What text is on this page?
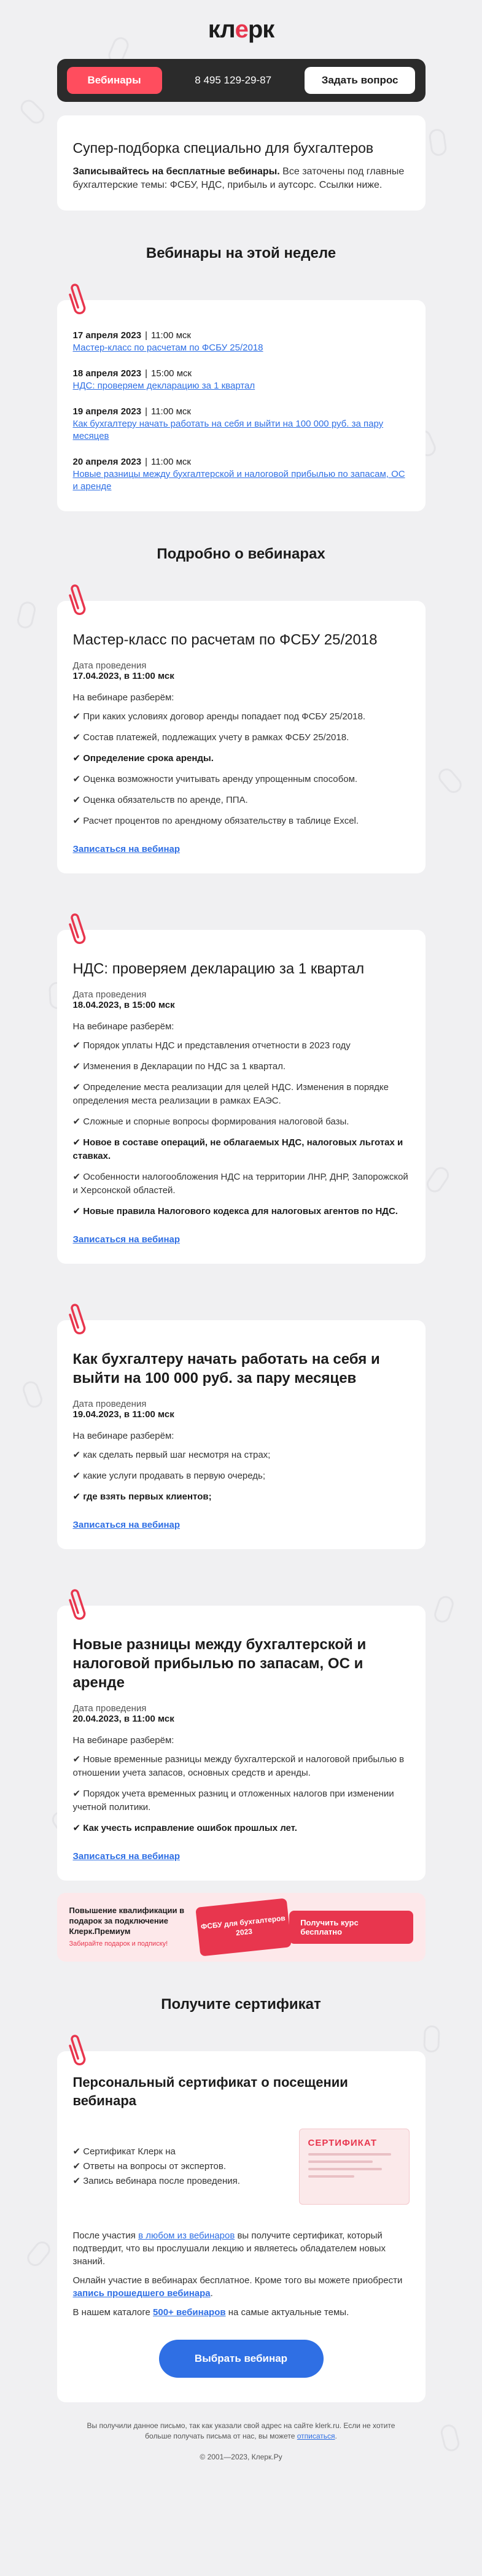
кл е рк
Вебинары	8 495 129-29-87	Задать вопрос
Супер-подборка специально для бухгалтеров
Записывайтесь на бесплатные вебинары. Все заточены под главные бухгалтерские темы: ФСБУ, НДС, прибыль и аутсорс. Ссылки ниже.
Вебинары на этой неделе
17 апреля 2023 | 11:00 мск
Мастер-класс по расчетам по ФСБУ 25/2018
18 апреля 2023 | 15:00 мск
НДС: проверяем декларацию за 1 квартал
19 апреля 2023 | 11:00 мск
Как бухгалтеру начать работать на себя и выйти на 100 000 руб. за пару месяцев
20 апреля 2023 | 11:00 мск
Новые разницы между бухгалтерской и налоговой прибылью по запасам, ОС и аренде
Подробно о вебинарах
Мастер-класс по расчетам по ФСБУ 25/2018
Дата проведения
17.04.2023, в 11:00 мск
На вебинаре разберём:
✔ При каких условиях договор аренды попадает под ФСБУ 25/2018.
✔ Состав платежей, подлежащих учету в рамках ФСБУ 25/2018.
✔ Определение срока аренды.
✔ Оценка возможности учитывать аренду упрощенным способом.
✔ Оценка обязательств по аренде, ППА.
✔ Расчет процентов по арендному обязательству в таблице Excel.
Записаться на вебинар
НДС: проверяем декларацию за 1 квартал
Дата проведения
18.04.2023, в 15:00 мск
На вебинаре разберём:
✔ Порядок уплаты НДС и представления отчетности в 2023 году
✔ Изменения в Декларации по НДС за 1 квартал.
✔ Определение места реализации для целей НДС. Изменения в порядке определения места реализации в рамках ЕАЭС.
✔ Сложные и спорные вопросы формирования налоговой базы.
✔ Новое в составе операций, не облагаемых НДС, налоговых льготах и ставках.
✔ Особенности налогообложения НДС на территории ЛНР, ДНР, Запорожской и Херсонской областей.
✔ Новые правила Налогового кодекса для налоговых агентов по НДС.
Записаться на вебинар
Как бухгалтеру начать работать на себя и выйти на 100 000 руб. за пару месяцев
Дата проведения
19.04.2023, в 11:00 мск
На вебинаре разберём:
✔ как сделать первый шаг несмотря на страх;
✔ какие услуги продавать в первую очередь;
✔ где взять первых клиентов;
Записаться на вебинар
Новые разницы между бухгалтерской и налоговой прибылью по запасам, ОС и аренде
Дата проведения
20.04.2023, в 11:00 мск
На вебинаре разберём:
✔ Новые временные разницы между бухгалтерской и налоговой прибылью в отношении учета запасов, основных средств и аренды.
✔ Порядок учета временных разниц и отложенных налогов при изменении учетной политики.
✔ Как учесть исправление ошибок прошлых лет.
Записаться на вебинар
Повышение квалификации в подарок за подключение Клерк.Премиум
Забирайте подарок и подписку!
ФСБУ для бухгалтеров 2023
Получить курс бесплатно
Получите сертификат
Персональный сертификат о посещении вебинара
✔ Сертификат Клерк на
✔ Ответы на вопросы от экспертов.
✔ Запись вебинара после проведения.
СЕРТИФИКАТ
После участия в любом из вебинаров вы получите сертификат, который подтвердит, что вы прослушали лекцию и являетесь обладателем новых знаний.
Онлайн участие в вебинарах бесплатное. Кроме того вы можете приобрести запись прошедшего вебинара.
В нашем каталоге 500+ вебинаров на самые актуальные темы.
Выбрать вебинар
Вы получили данное письмо, так как указали свой адрес на сайте klerk.ru. Если не хотите больше получать письма от нас, вы можете отписаться.
© 2001—2023, Клерк.Ру
